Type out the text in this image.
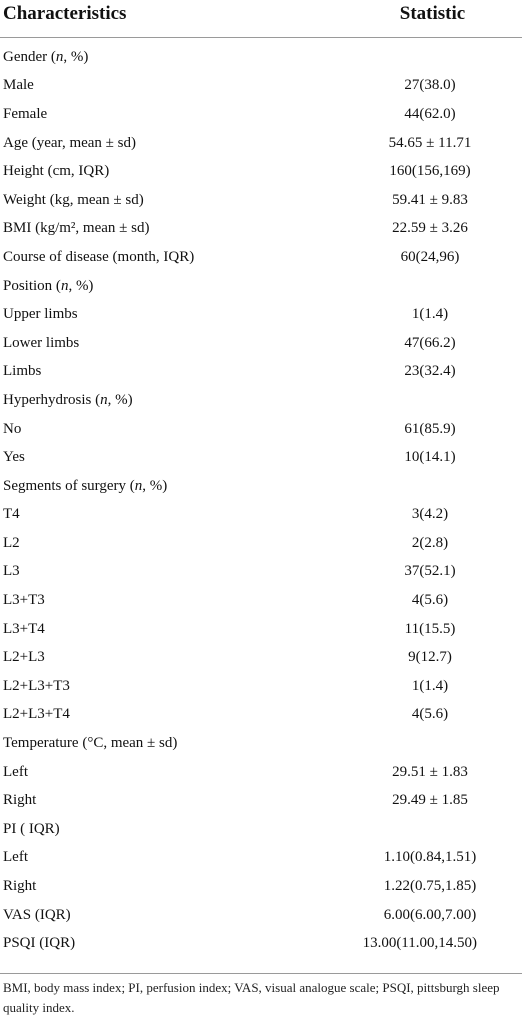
Characteristics	Statistic
Gender (n, %)
Male	27(38.0)
Female	44(62.0)
Age (year, mean ± sd)	54.65 ± 11.71
Height (cm, IQR)	160(156,169)
Weight (kg, mean ± sd)	59.41 ± 9.83
BMI (kg/m², mean ± sd)	22.59 ± 3.26
Course of disease (month, IQR)	60(24,96)
Position (n, %)
Upper limbs	1(1.4)
Lower limbs	47(66.2)
Limbs	23(32.4)
Hyperhydrosis (n, %)
No	61(85.9)
Yes	10(14.1)
Segments of surgery (n, %)
T4	3(4.2)
L2	2(2.8)
L3	37(52.1)
L3+T3	4(5.6)
L3+T4	11(15.5)
L2+L3	9(12.7)
L2+L3+T3	1(1.4)
L2+L3+T4	4(5.6)
Temperature (°C, mean ± sd)
Left	29.51 ± 1.83
Right	29.49 ± 1.85
PI ( IQR)
Left	1.10(0.84,1.51)
Right	1.22(0.75,1.85)
VAS (IQR)	6.00(6.00,7.00)
PSQI (IQR)	13.00(11.00,14.50)
BMI, body mass index; PI, perfusion index; VAS, visual analogue scale; PSQI, pittsburgh sleep quality index.
